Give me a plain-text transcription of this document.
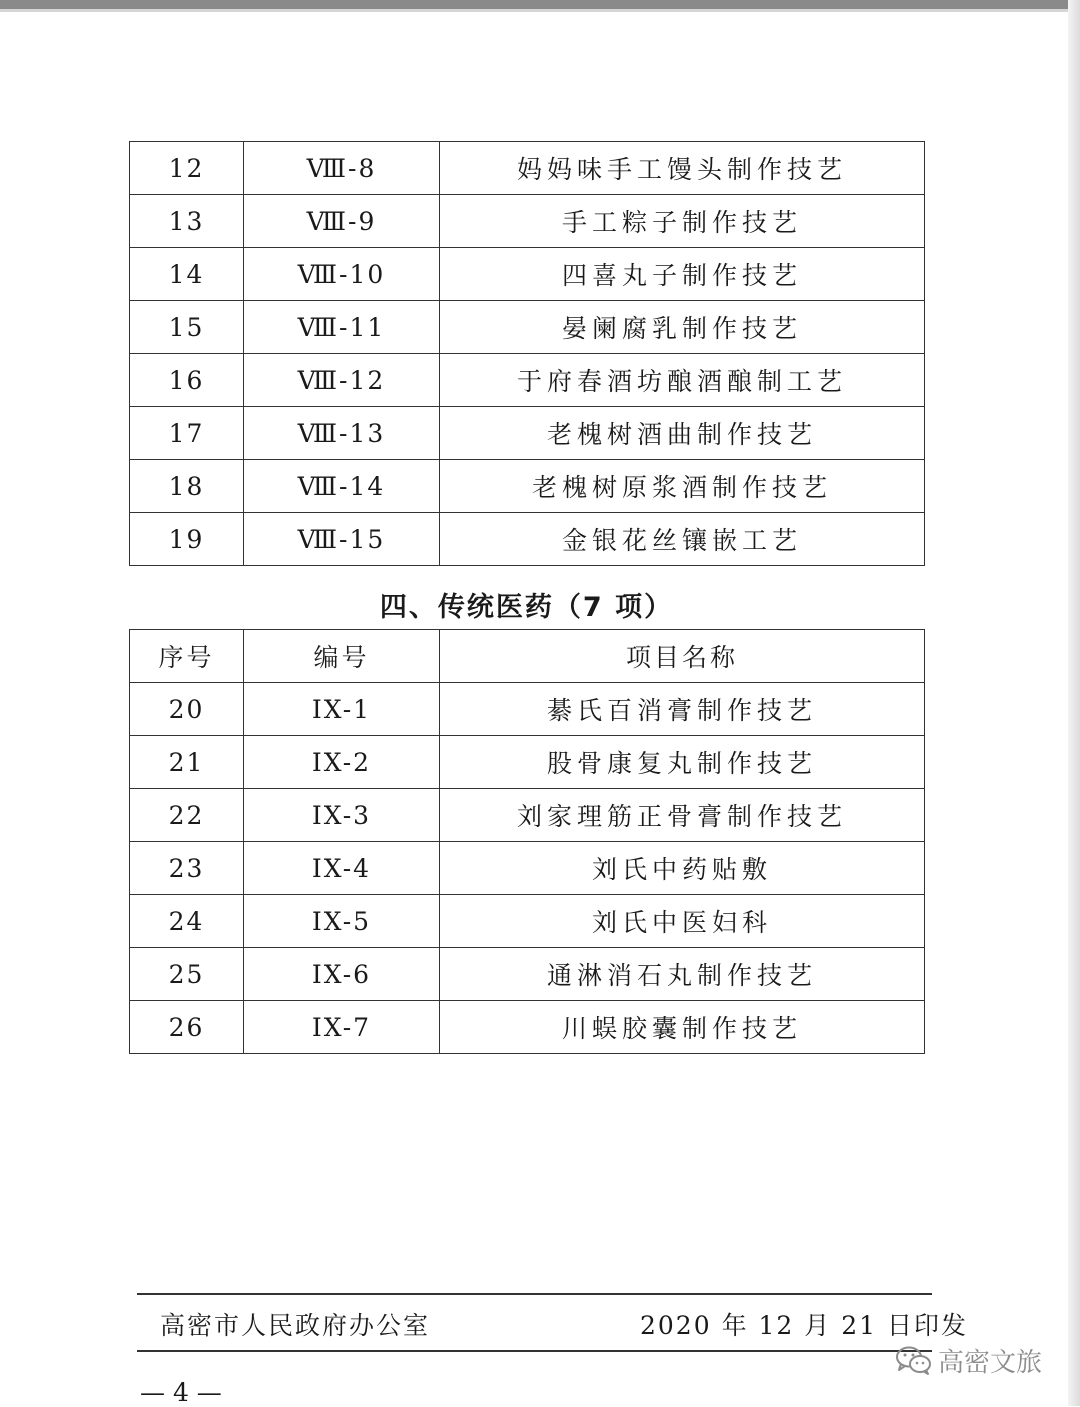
12	Ⅷ-8	妈妈味手工馒头制作技艺
13	Ⅷ-9	手工粽子制作技艺
14	Ⅷ-10	四喜丸子制作技艺
15	Ⅷ-11	晏阑腐乳制作技艺
16	Ⅷ-12	于府春酒坊酿酒酿制工艺
17	Ⅷ-13	老槐树酒曲制作技艺
18	Ⅷ-14	老槐树原浆酒制作技艺
19	Ⅷ-15	金银花丝镶嵌工艺
四、传统医药（7 项）
序号	编号	项目名称
20	IX-1	綦氏百消膏制作技艺
21	IX-2	股骨康复丸制作技艺
22	IX-3	刘家理筋正骨膏制作技艺
23	IX-4	刘氏中药贴敷
24	IX-5	刘氏中医妇科
25	IX-6	通淋消石丸制作技艺
26	IX-7	川蜈胶囊制作技艺
高密市人民政府办公室	2020 年 12 月 21 日印发
— 4 —
高密文旅
